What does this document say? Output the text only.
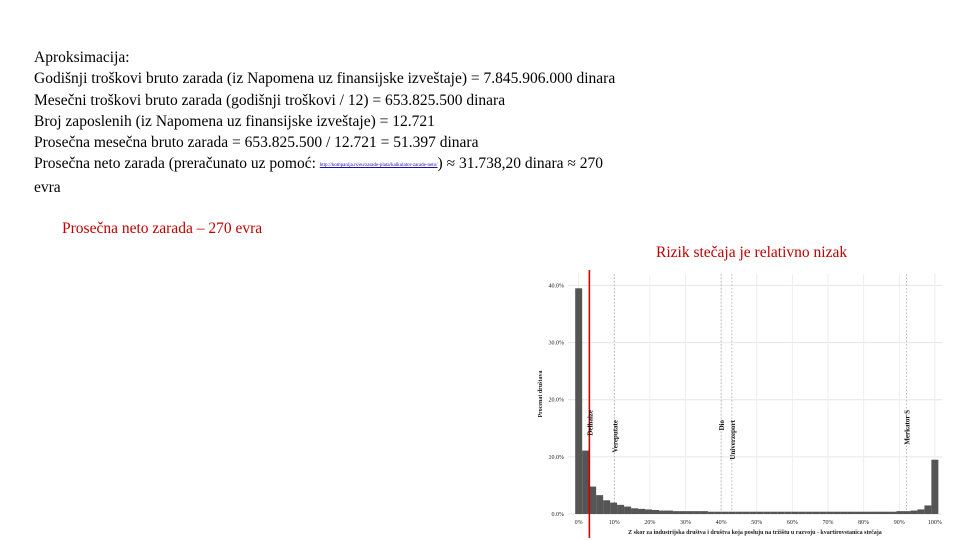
Aproksimacija:
Godišnji troškovi bruto zarada (iz Napomena uz finansijske izveštaje) = 7.845.906.000 dinara
Mesečni troškovi bruto zarada (godišnji troškovi / 12) = 653.825.500 dinara
Broj zaposlenih (iz Napomena uz finansijske izveštaje) = 12.721
Prosečna mesečna bruto zarada = 653.825.500 / 12.721 = 51.397 dinara
Prosečna neto zarada (preračunato uz pomoć: http://kompanija.rs/eu/zarade-plata/kalkulator-zarade-neto/) ≈ 31.738,20 dinara ≈ 270
evra
Prosečna neto zarada – 270 evra
Rizik stečaja je relativno nizak
0.0%
10.0%
20.0%
30.0%
40.0%
0%	10%	20%	30%	40%	50%	60%	70%	80%	90%	100%
Delhaize Vereputate	Dio Univerzeport	Merkator S
Procenat društava
Z skor za industrijska društva i društva koja posluju na tržištu u razvoju - kvartirovstanica stečaja
